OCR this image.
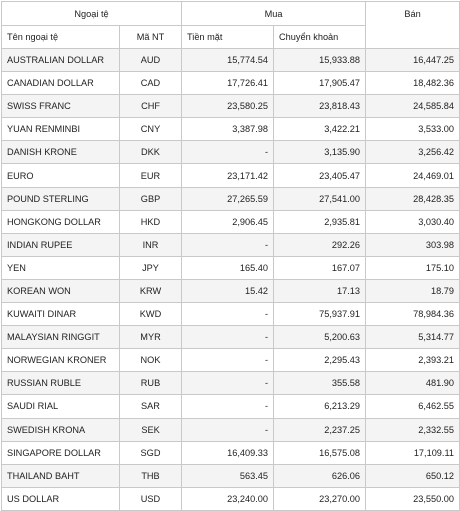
Ngoại tệ		Mua		Bán
Tên ngoại tệ	Mã NT	Tiền mặt	Chuyển khoản	
AUSTRALIAN DOLLAR	AUD	15,774.54	15,933.88	16,447.25
CANADIAN DOLLAR	CAD	17,726.41	17,905.47	18,482.36
SWISS FRANC	CHF	23,580.25	23,818.43	24,585.84
YUAN RENMINBI	CNY	3,387.98	3,422.21	3,533.00
DANISH KRONE	DKK	-	3,135.90	3,256.42
EURO	EUR	23,171.42	23,405.47	24,469.01
POUND STERLING	GBP	27,265.59	27,541.00	28,428.35
HONGKONG DOLLAR	HKD	2,906.45	2,935.81	3,030.40
INDIAN RUPEE	INR	-	292.26	303.98
YEN	JPY	165.40	167.07	175.10
KOREAN WON	KRW	15.42	17.13	18.79
KUWAITI DINAR	KWD	-	75,937.91	78,984.36
MALAYSIAN RINGGIT	MYR	-	5,200.63	5,314.77
NORWEGIAN KRONER	NOK	-	2,295.43	2,393.21
RUSSIAN RUBLE	RUB	-	355.58	481.90
SAUDI RIAL	SAR	-	6,213.29	6,462.55
SWEDISH KRONA	SEK	-	2,237.25	2,332.55
SINGAPORE DOLLAR	SGD	16,409.33	16,575.08	17,109.11
THAILAND BAHT	THB	563.45	626.06	650.12
US DOLLAR	USD	23,240.00	23,270.00	23,550.00
